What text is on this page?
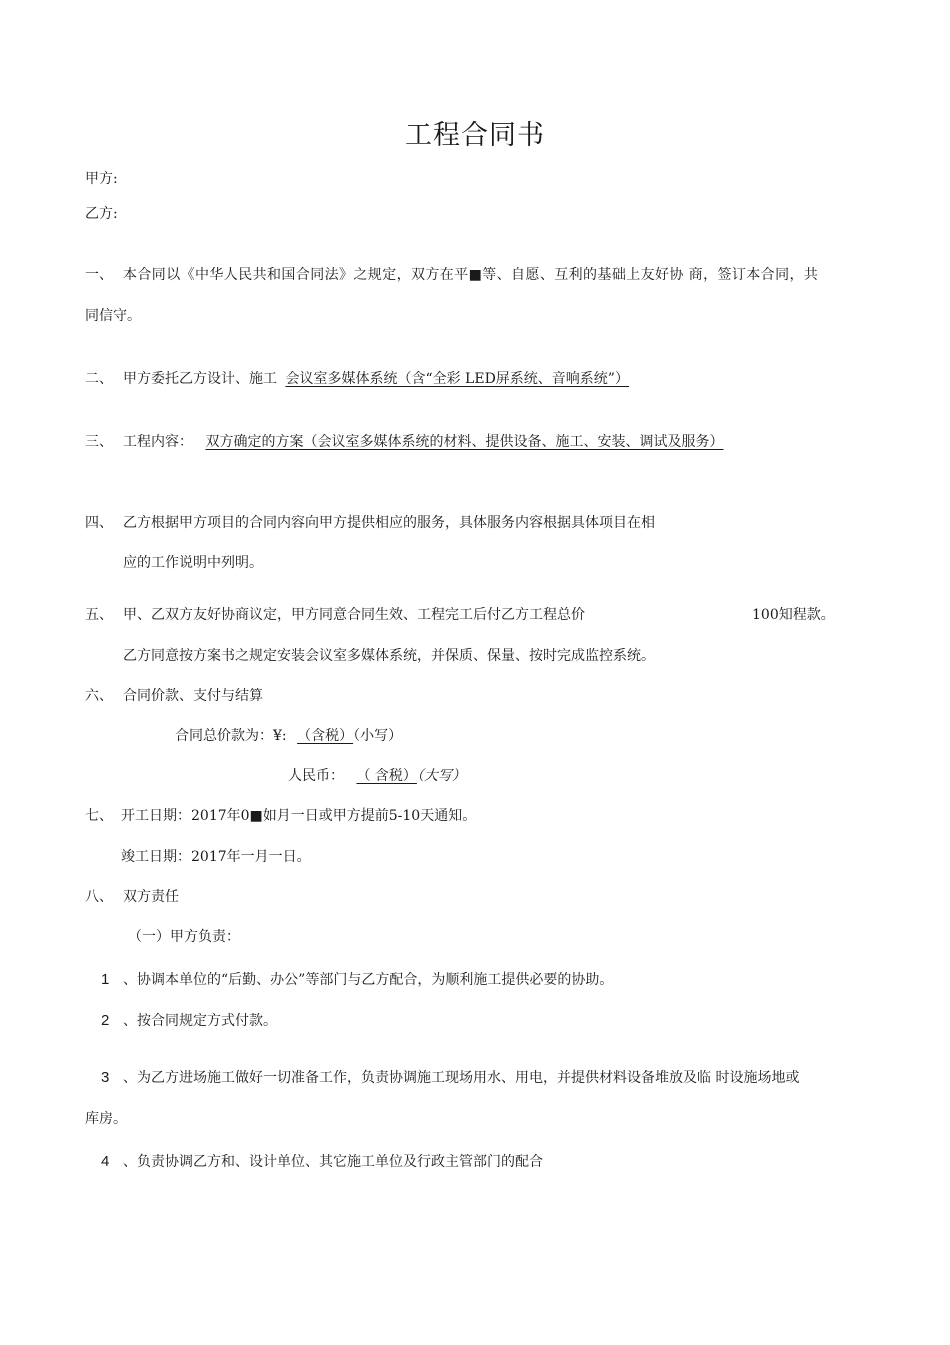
工程合同书
甲方:
乙方:
一、 本合同以《中华人民共和国合同法》之规定，双方在平■等、自愿、互利的基础上友好协 商，签订本合同，共
同信守。
二、 甲方委托乙方设计、施工 会议室多媒体系统（含“全彩 LED屏系统、音响系统”）
三、 工程内容： 双方确定的方案（会议室多媒体系统的材料、提供设备、施工、安装、调试及服务）
四、 乙方根据甲方项目的合同内容向甲方提供相应的服务，具体服务内容根据具体项目在相
应的工作说明中列明。
五、 甲、乙双方友好协商议定，甲方同意合同生效、工程完工后付乙方工程总价	100知程款。
乙方同意按方案书之规定安装会议室多媒体系统，并保质、保量、按时完成监控系统。
六、 合同价款、支付与结算
合同总价款为：¥: （含税）（小写）
人民币： （ 含税）（大写）
七、 开工日期：2017年0■如月一日或甲方提前5-10天通知。
竣工日期：2017年一月一日。
八、 双方责任
（一）甲方负责：
1 、协调本单位的“后勤、办公”等部门与乙方配合，为顺利施工提供必要的协助。
2 、按合同规定方式付款。
3 、为乙方进场施工做好一切准备工作，负责协调施工现场用水、用电，并提供材料设备堆放及临 时设施场地或
库房。
4 、负责协调乙方和、设计单位、其它施工单位及行政主管部门的配合
